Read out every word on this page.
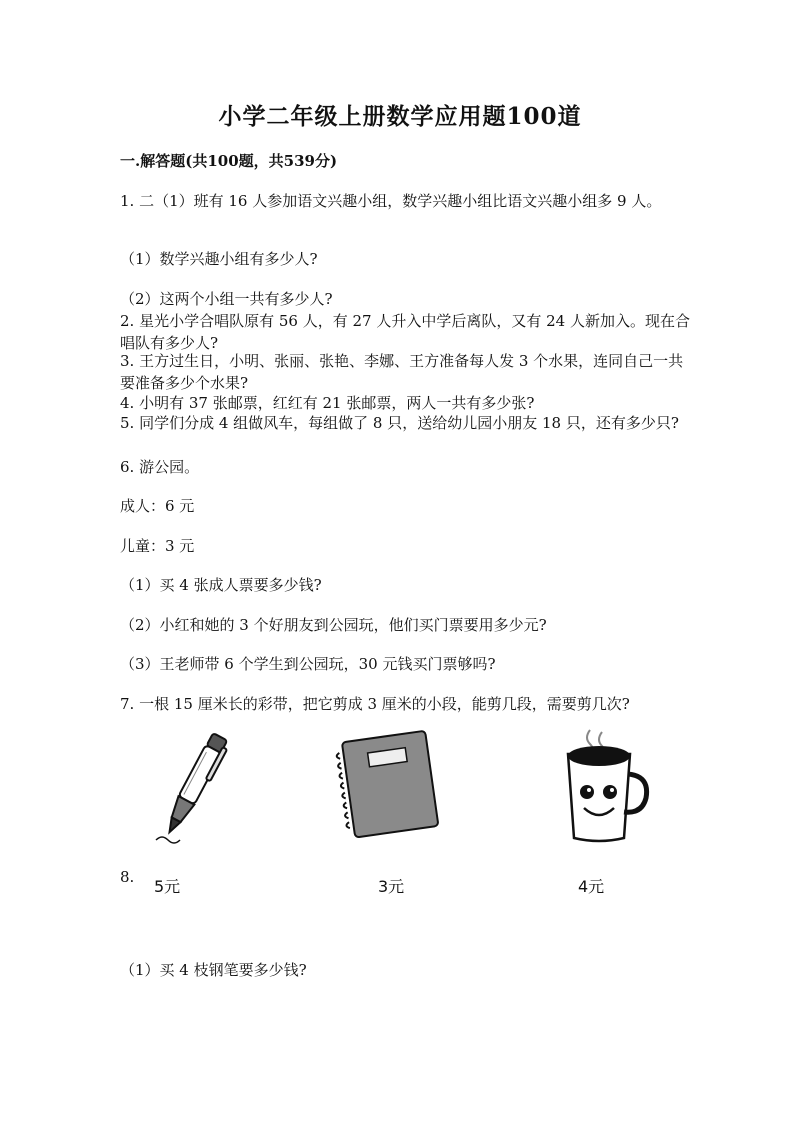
小学二年级上册数学应用题100道
一.解答题(共100题，共539分)
1. 二（1）班有 16 人参加语文兴趣小组，数学兴趣小组比语文兴趣小组多 9 人。
（1）数学兴趣小组有多少人?
（2）这两个小组一共有多少人?
2. 星光小学合唱队原有 56 人，有 27 人升入中学后离队，又有 24 人新加入。现在合唱队有多少人?
3. 王方过生日，小明、张丽、张艳、李娜、王方准备每人发 3 个水果，连同自己一共要准备多少个水果?
4. 小明有 37 张邮票，红红有 21 张邮票，两人一共有多少张?
5. 同学们分成 4 组做风车，每组做了 8 只，送给幼儿园小朋友 18 只，还有多少只?
6. 游公园。
成人：6 元
儿童：3 元
（1）买 4 张成人票要多少钱?
（2）小红和她的 3 个好朋友到公园玩，他们买门票要用多少元?
（3）王老师带 6 个学生到公园玩，30 元钱买门票够吗?
7. 一根 15 厘米长的彩带，把它剪成 3 厘米的小段，能剪几段，需要剪几次?
8.	5元	3元	4元
（1）买 4 枝钢笔要多少钱?
